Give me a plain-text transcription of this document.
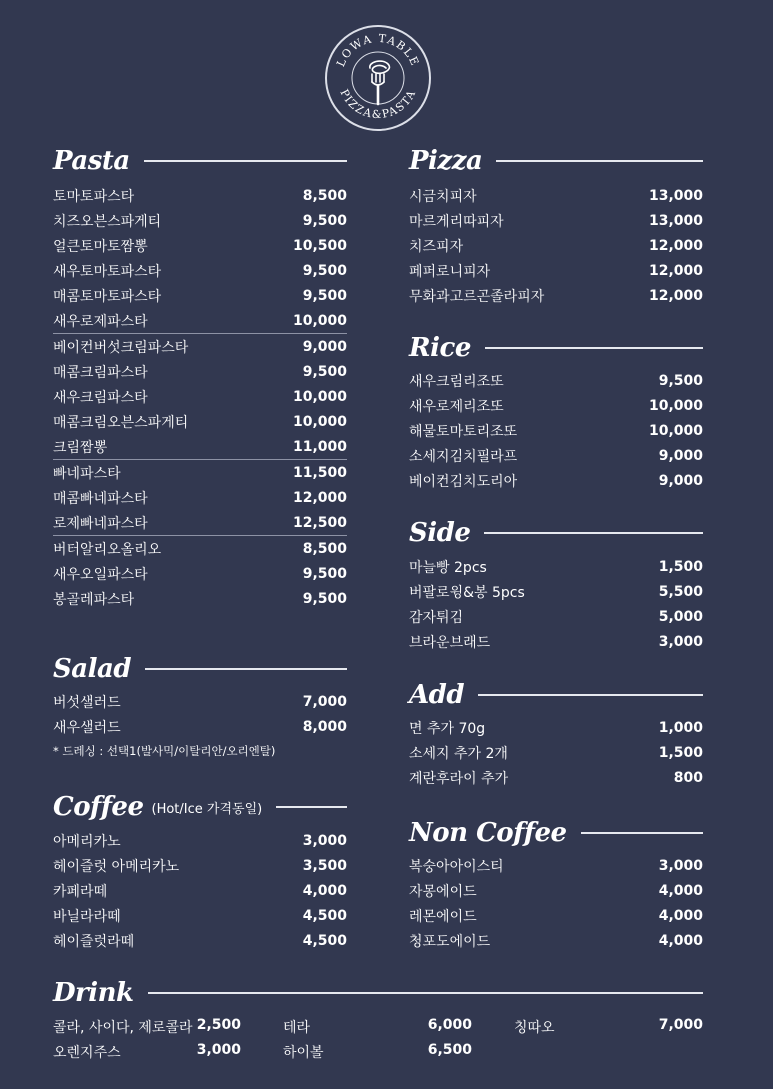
LOWA TABLE
PIZZA&PASTA
Pasta
토마토파스타	8,500
치즈오븐스파게티	9,500
얼큰토마토짬뽕	10,500
새우토마토파스타	9,500
매콤토마토파스타	9,500
새우로제파스타	10,000
베이컨버섯크림파스타	9,000
매콤크림파스타	9,500
새우크림파스타	10,000
매콤크림오븐스파게티	10,000
크림짬뽕	11,000
빠네파스타	11,500
매콤빠네파스타	12,000
로제빠네파스타	12,500
버터알리오올리오	8,500
새우오일파스타	9,500
봉골레파스타	9,500
Salad
버섯샐러드	7,000
새우샐러드	8,000
* 드레싱 : 선택1(발사믹/이탈리안/오리엔탈)
Coffee (Hot/Ice 가격동일)
아메리카노	3,000
헤이즐럿 아메리카노	3,500
카페라떼	4,000
바닐라라떼	4,500
헤이즐럿라떼	4,500
Pizza
시금치피자	13,000
마르게리따피자	13,000
치즈피자	12,000
페퍼로니피자	12,000
무화과고르곤졸라피자	12,000
Rice
새우크림리조또	9,500
새우로제리조또	10,000
해물토마토리조또	10,000
소세지김치필라프	9,000
베이컨김치도리아	9,000
Side
마늘빵 2pcs	1,500
버팔로윙&봉 5pcs	5,500
감자튀김	5,000
브라운브래드	3,000
Add
면 추가 70g	1,000
소세지 추가 2개	1,500
계란후라이 추가	800
Non Coffee
복숭아아이스티	3,000
자몽에이드	4,000
레몬에이드	4,000
청포도에이드	4,000
Drink
콜라, 사이다, 제로콜라 2,500	테라	6,000	칭따오	7,000
오렌지주스	3,000	하이볼	6,500
